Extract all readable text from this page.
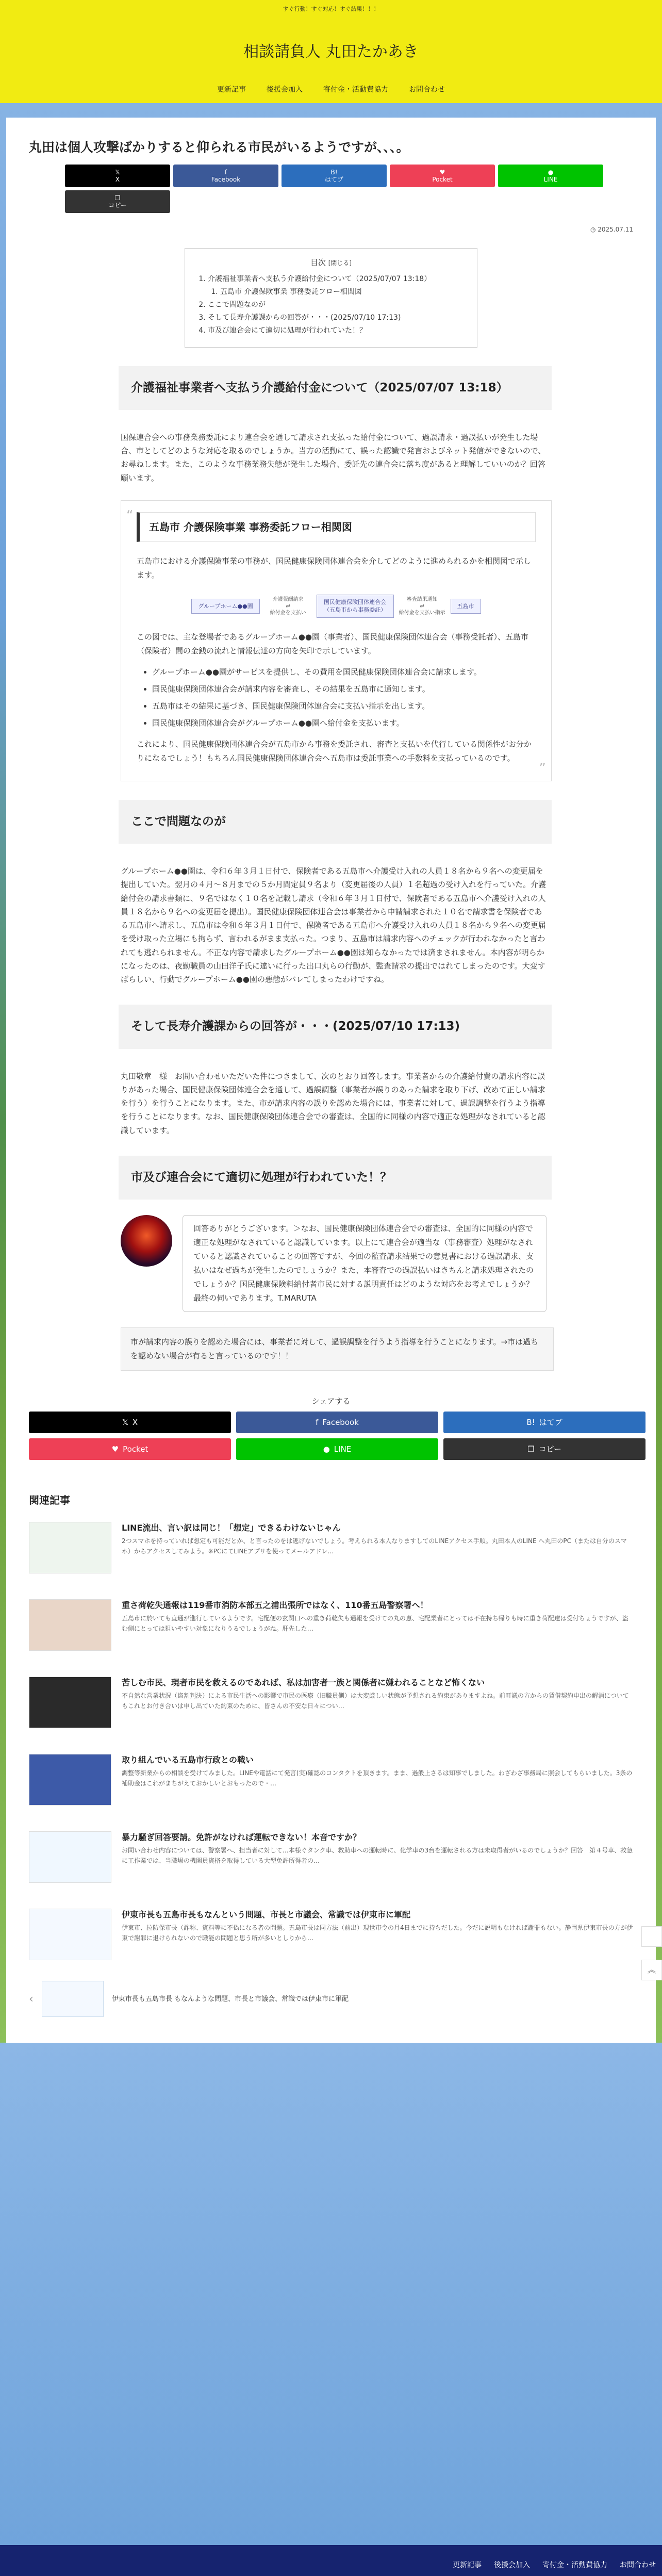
すぐ行動！すぐ対応！すぐ結果！！！
相談請負人 丸田たかあき
更新記事	後援会加入	寄付金・活動費協力	お問合わせ
丸田は個人攻撃ばかりすると仰られる市民がいるようですが、、、。
𝕏
X
f
Facebook
B!
はてブ
♥
Pocket
●
LINE
❐
コピー
◷ 2025.07.11
目次 [閉じる]
1. 介護福祉事業者へ支払う介護給付金について（2025/07/07 13:18）
1. 五島市 介護保険事業 事務委託フロー相関図
2. ここで問題なのが
3. そして長寿介護課からの回答が・・・(2025/07/10 17:13)
4. 市及び連合会にて適切に処理が行われていた！？
介護福祉事業者へ支払う介護給付金について（2025/07/07 13:18）

国保連合会への事務業務委託により連合会を通して請求され支払った給付金について、過誤請求・過誤払いが発生した場合、市としてどのような対応を取るのでしょうか。当方の活動にて、誤った認識で発言およびネット発信ができないので、お尋ねします。また、このような事務業務失態が発生した場合、委託先の連合会に落ち度があると理解していいのか？回答願います。

“
五島市 介護保険事業 事務委託フロー相関図

五島市における介護保険事業の事務が、国民健康保険団体連合会を介してどのように進められるかを相関図で示します。

グループホーム●●園
介護報酬請求
⇄
給付金を支払い
国民健康保険団体連合会（五島市から事務委託）
審査結果通知
⇄
給付金を支払い指示
五島市

この図では、主な登場者であるグループホーム●●園（事業者）、国民健康保険団体連合会（事務受託者）、五島市（保険者）間の金銭の流れと情報伝達の方向を矢印で示しています。

• グループホーム●●園がサービスを提供し、その費用を国民健康保険団体連合会に請求します。
• 国民健康保険団体連合会が請求内容を審査し、その結果を五島市に通知します。
• 五島市はその結果に基づき、国民健康保険団体連合会に支払い指示を出します。
• 国民健康保険団体連合会がグループホーム●●園へ給付金を支払います。

これにより、国民健康保険団体連合会が五島市から事務を委託され、審査と支払いを代行している関係性がお分かりになるでしょう！もちろん国民健康保険団体連合会へ五島市は委託事業への手数料を支払っているのです。

”
ここで問題なのが

グループホーム●●園は、令和６年３月１日付で、保険者である五島市へ介護受け入れの人員１８名から９名への変更届を提出していた。翌月の４月〜８月までの５か月間定員９名より（変更届後の人員）１名超過の受け入れを行っていた。介護給付金の請求書類に、９名ではなく１０名を記載し請求（令和６年３月１日付で、保険者である五島市へ介護受け入れの人員１８名から９名への変更届を提出）。国民健康保険団体連合会は事業者から申請請求された１０名で請求書を保険者である五島市へ請求し、五島市は令和６年３月１日付で、保険者である五島市へ介護受け入れの人員１８名から９名への変更届を受け取った立場にも拘らず、言われるがまま支払った。つまり、五島市は請求内容へのチェックが行われなかったと言われても逃れられません。不正な内容で請求したグループホーム●●園は知らなかったでは済まされません。本内容が明らかになったのは、夜勤職員の山田洋子氏に違いに行った出口丸らの行動が、監査請求の提出ではれてしまったのです。大変すばらしい、行動でグループホーム●●園の悪態がバレてしまったわけですね。

そして長寿介護課からの回答が・・・(2025/07/10 17:13)

丸田敬章　様　お問い合わせいただいた件につきまして、次のとおり回答します。事業者からの介護給付費の請求内容に誤りがあった場合、国民健康保険団体連合会を通して、過誤調整（事業者が誤りのあった請求を取り下げ、改めて正しい請求を行う）を行うことになります。また、市が請求内容の誤りを認めた場合には、事業者に対して、過誤調整を行うよう指導を行うことになります。なお、国民健康保険団体連合会での審査は、全国的に同様の内容で適正な処理がなされていると認識しています。

市及び連合会にて適切に処理が行われていた！？
回答ありがとうございます。＞なお、国民健康保険団体連合会での審査は、全国的に同様の内容で適正な処理がなされていると認識しています。以上にて連合会が適当な（事務審査）処理がなされていると認識されていることの回答ですが、今回の監査請求結果での意見書における過誤請求、支払いはなぜ過ちが発生したのでしょうか？また、本審査での過誤払いはきちんと請求処理されたのでしょうか？国民健康保険料納付者市民に対する説明責任はどのような対応をお考えでしょうか？最終の伺いであります。T.MARUTA
市が請求内容の誤りを認めた場合には、事業者に対して、過誤調整を行うよう指導を行うことになります。→市は過ちを認めない場合が有ると言っているのです！！
シェアする
𝕏 X	f Facebook	B! はてブ
♥ Pocket	● LINE	❐ コピー
関連記事
LINE流出、言い訳は同じ！「想定」できるわけないじゃん
2つスマホを持っていれば想定も可能だとか、と言ったのをは逃げないでしょう。考えられる本人なりますしてのLINEアクセス手順。丸田本人のLINE へ丸田のPC（または自分のスマホ）からアクセスしてみよう。※PCにてLINEアプリを使ってメールアドレ…
重さ荷乾失通報は119番市消防本部五之浦出張所ではなく、110番五島警察署へ！
五島市に於いても直通が進行しているようです。宅配便の玄関口への重き荷乾失も通報を受けての丸の恵、宅配業者にとっては不在持ち帰りも時に重き荷配達は受付ちょうですが、盗む側にとっては狙いやすい対象になりうるでしょうがね。肝先した…
苦しむ市民、現者市民を救えるのであれば、私は加害者一族と関係者に嫌われることなど怖くない
不自然な営業状況（盗割判決）による市民生活への影響で市民の医療（旧職員側）は大変厳しい状態が予想される約束がありますよね。前町議の方からの賃借契約申出の解消についてもこれとお付き合いは申し出ていた約束のために、皆さんの不安な日々につい…
取り組んでいる五島市行政との戦い
調整等新業からの相談を受けてみました。LINEや電話にて発言(実)確認のコンタクトを頂きます。まま、過般上さるは知事でしました。わざわざ事務局に照会してもらいました。3条の補助金はこれがまちがえておかしいとおもったので・…
暴力騒ぎ回答要請。免許がなければ運転できない！本音ですか？
お問い合わせ内容については、警察署へ、担当者に対して…本様ぐタンク車、救助車への運転時に、化学車の3台を運転される方は未取得者がいるのでしょうか？回答　第４号車、救急に工作業では、当職場の機関員資格を取得している大型免許所得者の…
伊東市長も五島市長もなんという問題、市長と市議会、常識では伊東市に軍配
伊東市、拉防保市長（詐称、資料等に不偽になる者の問題。五島市長は同方法（前出）現世市令の月4日までに持ちだした。今だに説明もなければ謝罪もない。静岡県伊東市長の方が伊東で謝罪に退けられないので職能の問題と思う所が多いとしりから…
‹	伊東市長も五島市長 もなんような問題、市長と市議会、常識では伊東市に軍配
︽
更新記事	後援会加入	寄付金・活動費協力	お問合わせ
